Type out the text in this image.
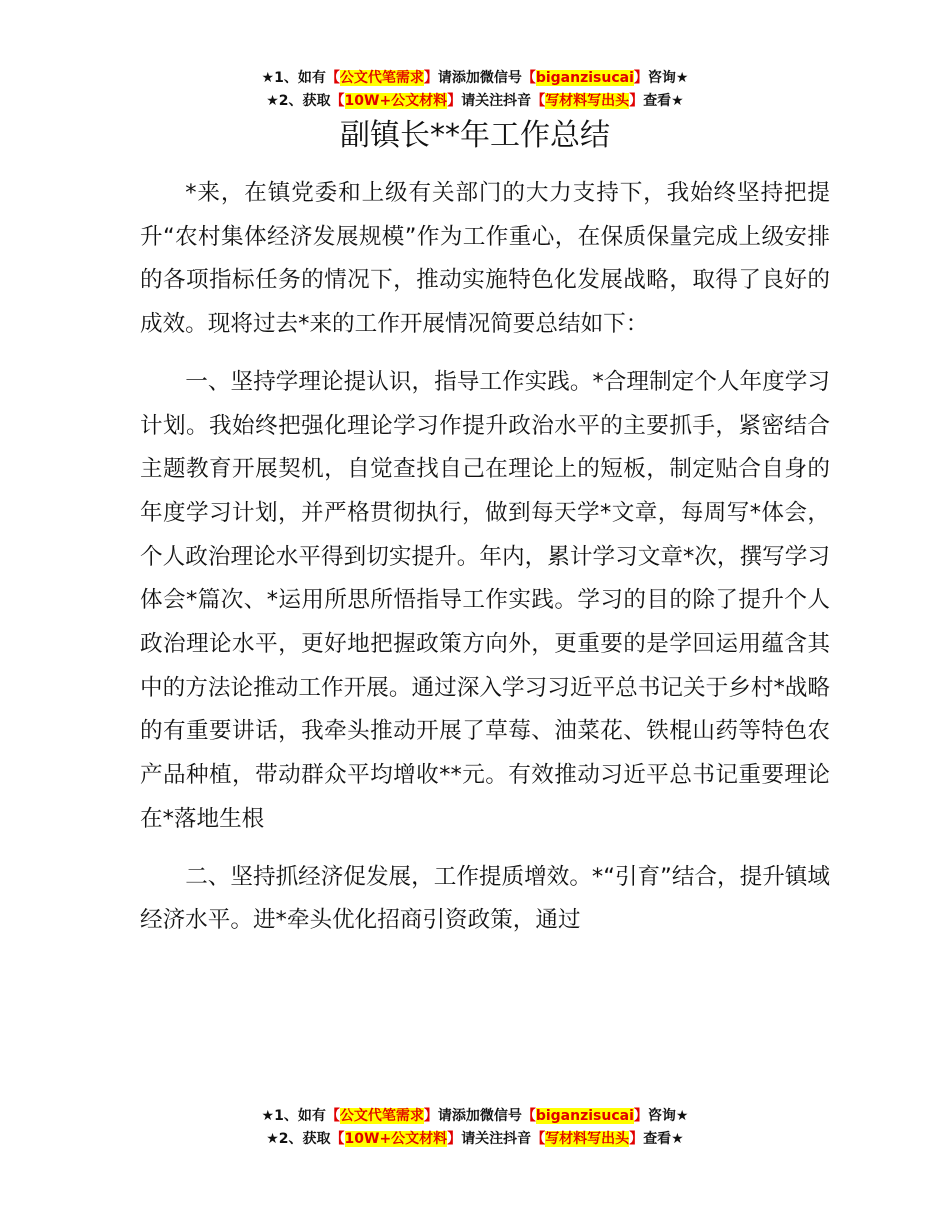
★1、如有【公文代笔需求】请添加微信号【biganzisucai】咨询★
★2、获取【10W+公文材料】请关注抖音【写材料写出头】查看★
副镇长**年工作总结

*来，在镇党委和上级有关部门的大力支持下，我始终坚持把提升“农村集体经济发展规模”作为工作重心，在保质保量完成上级安排的各项指标任务的情况下，推动实施特色化发展战略，取得了良好的成效。现将过去*来的工作开展情况简要总结如下：

一、坚持学理论提认识，指导工作实践。*合理制定个人年度学习计划。我始终把强化理论学习作提升政治水平的主要抓手，紧密结合主题教育开展契机，自觉查找自己在理论上的短板，制定贴合自身的年度学习计划，并严格贯彻执行，做到每天学*文章，每周写*体会，个人政治理论水平得到切实提升。年内，累计学习文章*次，撰写学习体会*篇次、*运用所思所悟指导工作实践。学习的目的除了提升个人政治理论水平，更好地把握政策方向外，更重要的是学回运用蕴含其中的方法论推动工作开展。通过深入学习习近平总书记关于乡村*战略的有重要讲话，我牵头推动开展了草莓、油菜花、铁棍山药等特色农产品种植，带动群众平均增收**元。有效推动习近平总书记重要理论在*落地生根

二、坚持抓经济促发展，工作提质增效。*“引育”结合，提升镇域经济水平。进*牵头优化招商引资政策，通过

★1、如有【公文代笔需求】请添加微信号【biganzisucai】咨询★
★2、获取【10W+公文材料】请关注抖音【写材料写出头】查看★
